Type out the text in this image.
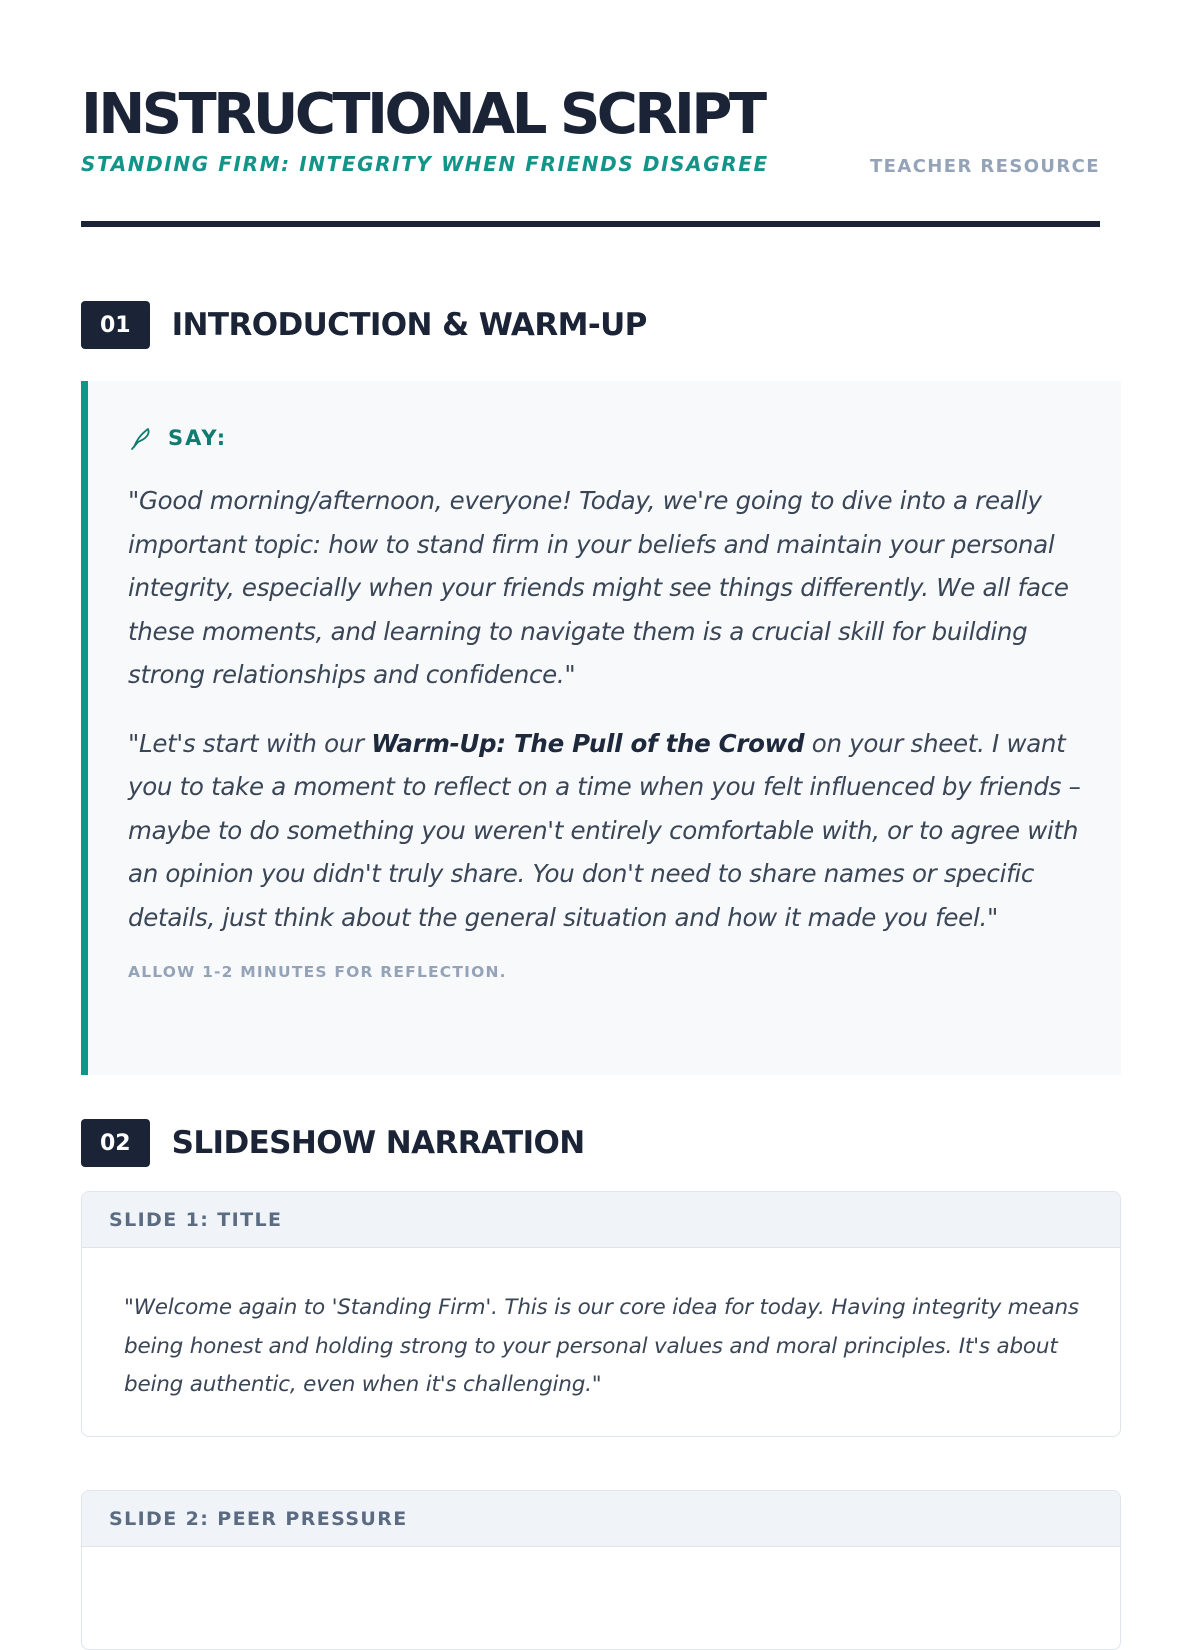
INSTRUCTIONAL SCRIPT
STANDING FIRM: INTEGRITY WHEN FRIENDS DISAGREE	TEACHER RESOURCE
01	INTRODUCTION & WARM-UP
SAY:

"Good morning/afternoon, everyone! Today, we're going to dive into a really important topic: how to stand firm in your beliefs and maintain your personal integrity, especially when your friends might see things differently. We all face these moments, and learning to navigate them is a crucial skill for building strong relationships and confidence."

"Let's start with our Warm-Up: The Pull of the Crowd on your sheet. I want you to take a moment to reflect on a time when you felt influenced by friends – maybe to do something you weren't entirely comfortable with, or to agree with an opinion you didn't truly share. You don't need to share names or specific details, just think about the general situation and how it made you feel."

ALLOW 1-2 MINUTES FOR REFLECTION.
02	SLIDESHOW NARRATION
SLIDE 1: TITLE
"Welcome again to 'Standing Firm'. This is our core idea for today. Having integrity means being honest and holding strong to your personal values and moral principles. It's about being authentic, even when it's challenging."
SLIDE 2: PEER PRESSURE
